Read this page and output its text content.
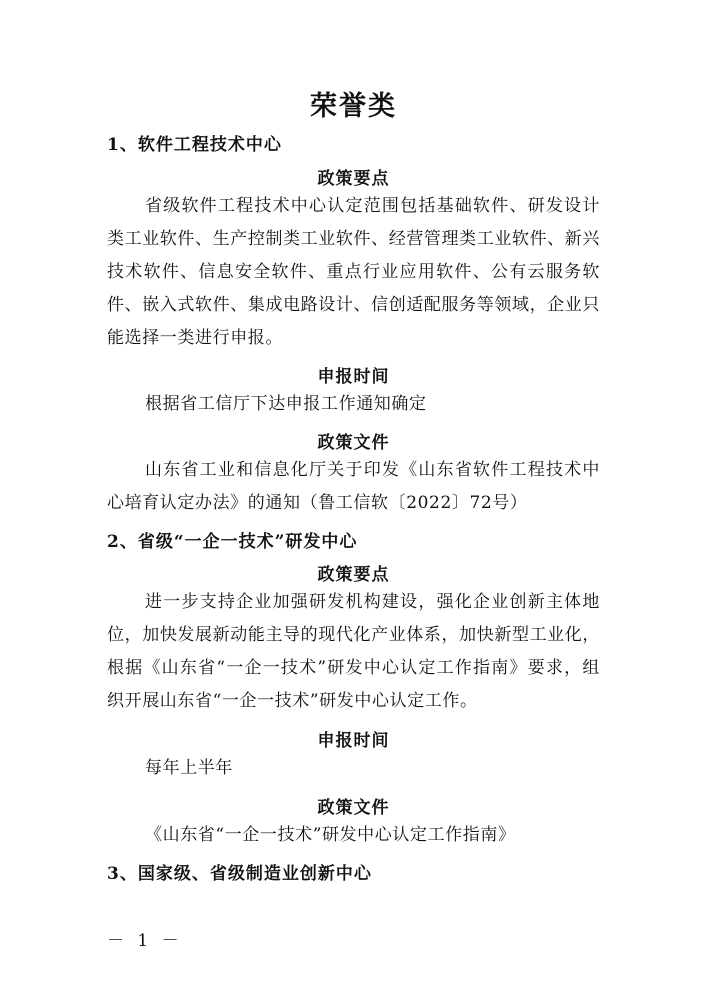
荣誉类
1、软件工程技术中心
政策要点
省级软件工程技术中心认定范围包括基础软件、研发设计类工业软件、生产控制类工业软件、经营管理类工业软件、新兴技术软件、信息安全软件、重点行业应用软件、公有云服务软件、嵌入式软件、集成电路设计、信创适配服务等领域，企业只能选择一类进行申报。
申报时间
根据省工信厅下达申报工作通知确定
政策文件
山东省工业和信息化厅关于印发《山东省软件工程技术中心培育认定办法》的通知（鲁工信软〔2022〕72号）
2、省级“一企一技术”研发中心
政策要点
进一步支持企业加强研发机构建设，强化企业创新主体地位，加快发展新动能主导的现代化产业体系，加快新型工业化，根据《山东省“一企一技术”研发中心认定工作指南》要求，组织开展山东省“一企一技术”研发中心认定工作。
申报时间
每年上半年
政策文件
《山东省“一企一技术”研发中心认定工作指南》
3、国家级、省级制造业创新中心
－ 1 －
